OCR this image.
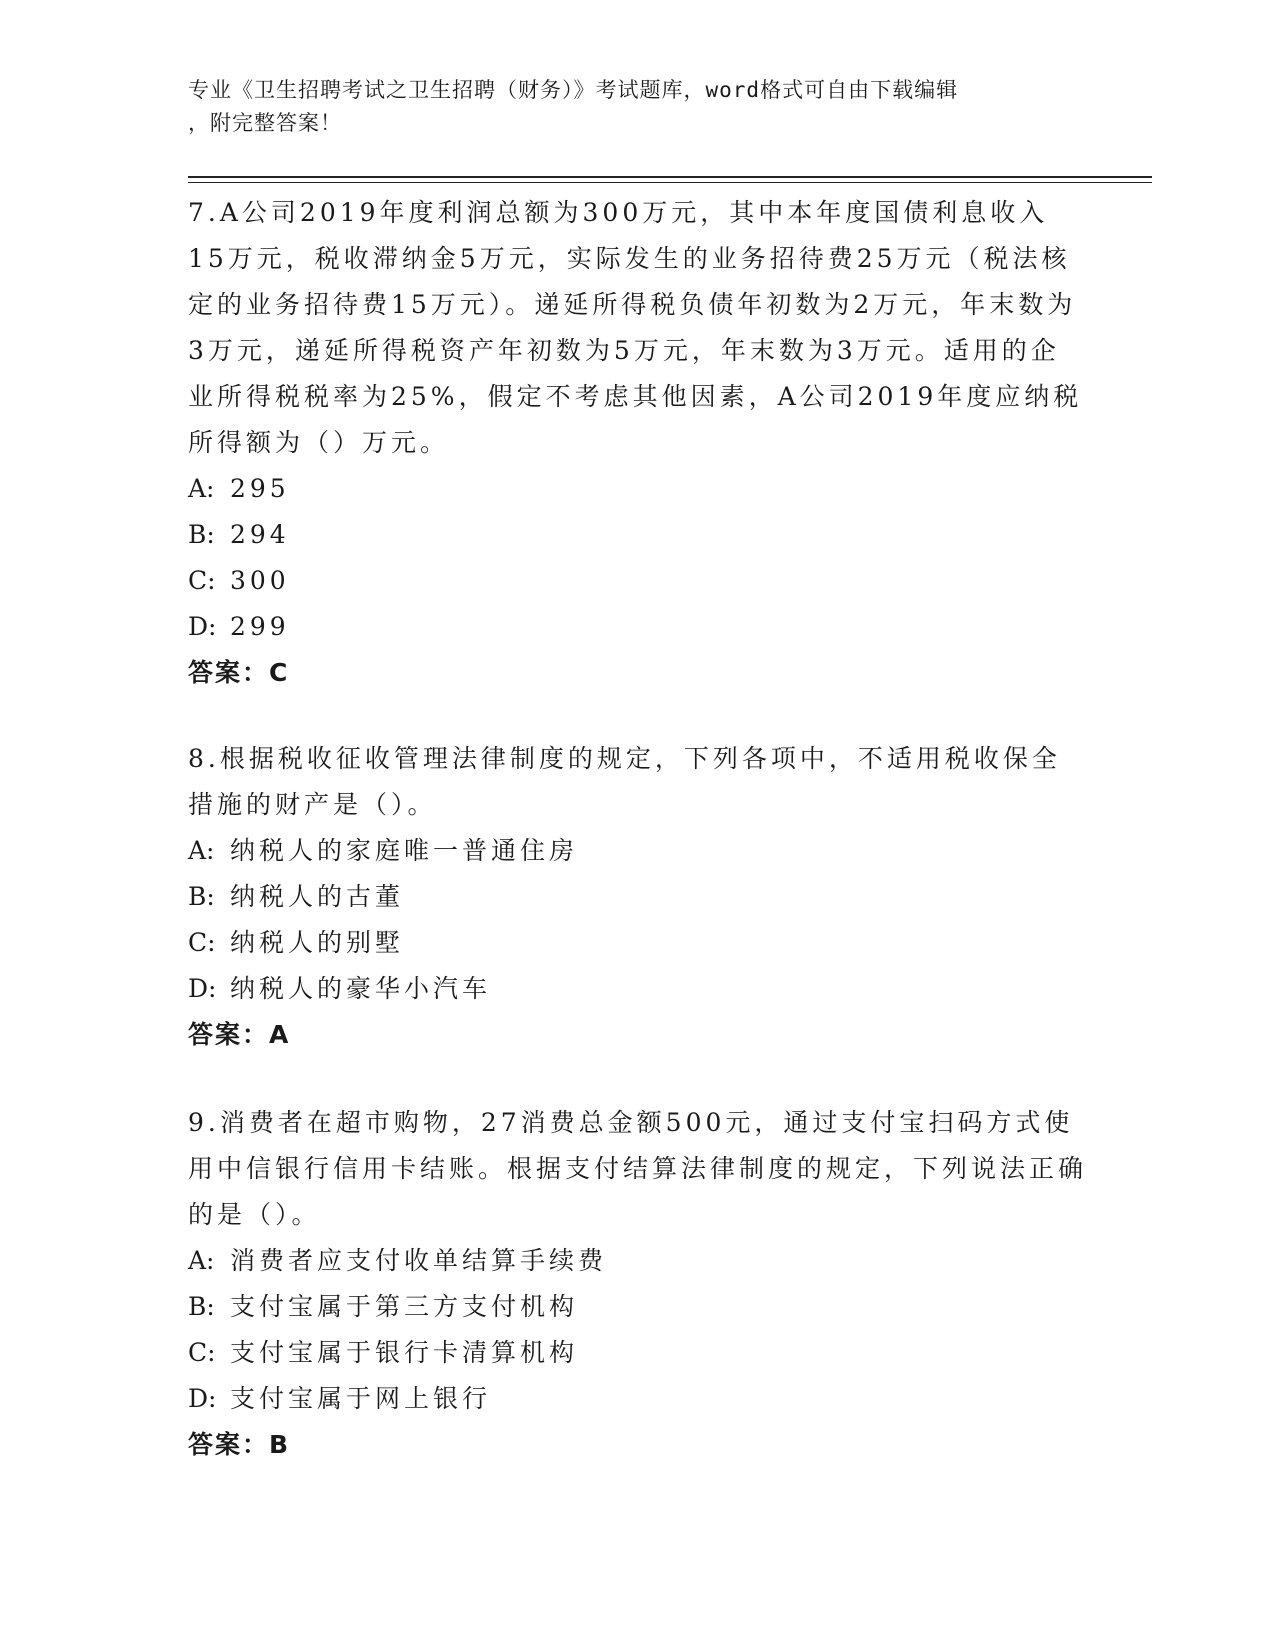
专业《卫生招聘考试之卫生招聘（财务）》考试题库，word格式可自由下载编辑
，附完整答案！

7.A公司2019年度利润总额为300万元，其中本年度国债利息收入15万元，税收滞纳金5万元，实际发生的业务招待费25万元（税法核定的业务招待费15万元）。递延所得税负债年初数为2万元，年末数为3万元，递延所得税资产年初数为5万元，年末数为3万元。适用的企业所得税税率为25%，假定不考虑其他因素，A公司2019年度应纳税所得额为（）万元。

A: 295

B: 294

C: 300

D: 299

答案：C

8.根据税收征收管理法律制度的规定，下列各项中，不适用税收保全措施的财产是（）。

A: 纳税人的家庭唯一普通住房

B: 纳税人的古董

C: 纳税人的别墅

D: 纳税人的豪华小汽车

答案：A

9.消费者在超市购物，27消费总金额500元，通过支付宝扫码方式使用中信银行信用卡结账。根据支付结算法律制度的规定，下列说法正确的是（）。

A: 消费者应支付收单结算手续费

B: 支付宝属于第三方支付机构

C: 支付宝属于银行卡清算机构

D: 支付宝属于网上银行

答案：B
